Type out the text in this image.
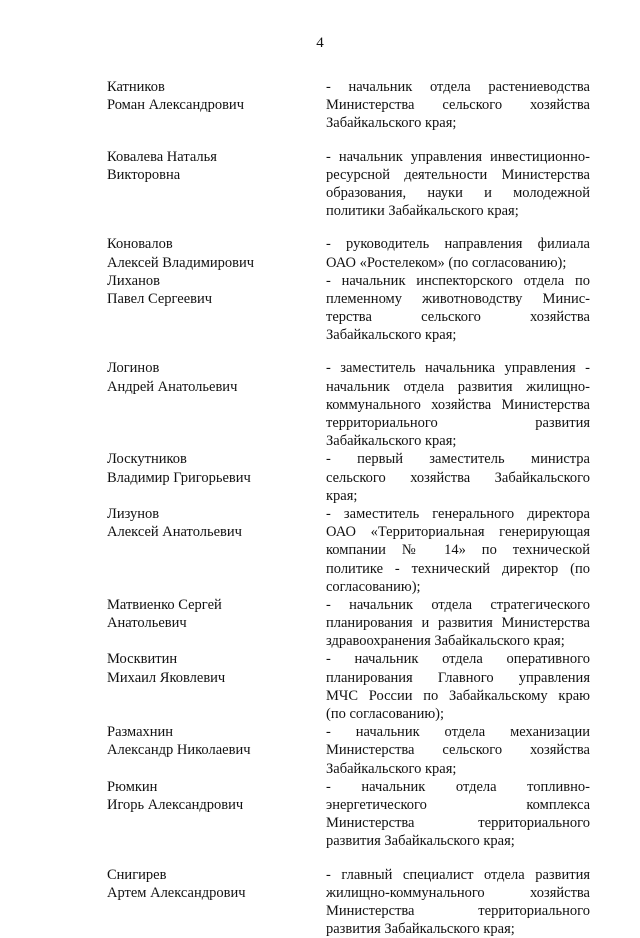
4
Катников
Роман Александрович
- начальник отдела растениеводства
Министерства сельского хозяйства
Забайкальского края;
Ковалева Наталья
Викторовна
- начальник управления инвестиционно-
ресурсной деятельности Министерства
образования, науки и молодежной
политики Забайкальского края;
Коновалов
Алексей Владимирович
- руководитель направления филиала
ОАО «Ростелеком» (по согласованию);
Лиханов
Павел Сергеевич
- начальник инспекторского отдела по
племенному животноводству Минис-
терства сельского хозяйства
Забайкальского края;
Логинов
Андрей Анатольевич
- заместитель начальника управления -
начальник отдела развития жилищно-
коммунального хозяйства Министерства
территориального развития
Забайкальского края;
Лоскутников
Владимир Григорьевич
- первый заместитель министра
сельского хозяйства Забайкальского
края;
Лизунов
Алексей Анатольевич
- заместитель генерального директора
ОАО «Территориальная генерирующая
компании № 14» по технической
политике - технический директор (по
согласованию);
Матвиенко Сергей
Анатольевич
- начальник отдела стратегического
планирования и развития Министерства
здравоохранения Забайкальского края;
Москвитин
Михаил Яковлевич
- начальник отдела оперативного
планирования Главного управления
МЧС России по Забайкальскому краю
(по согласованию);
Размахнин
Александр Николаевич
- начальник отдела механизации
Министерства сельского хозяйства
Забайкальского края;
Рюмкин
Игорь Александрович
- начальник отдела топливно-
энергетического комплекса
Министерства территориального
развития Забайкальского края;
Снигирев
Артем Александрович
- главный специалист отдела развития
жилищно-коммунального хозяйства
Министерства территориального
развития Забайкальского края;
